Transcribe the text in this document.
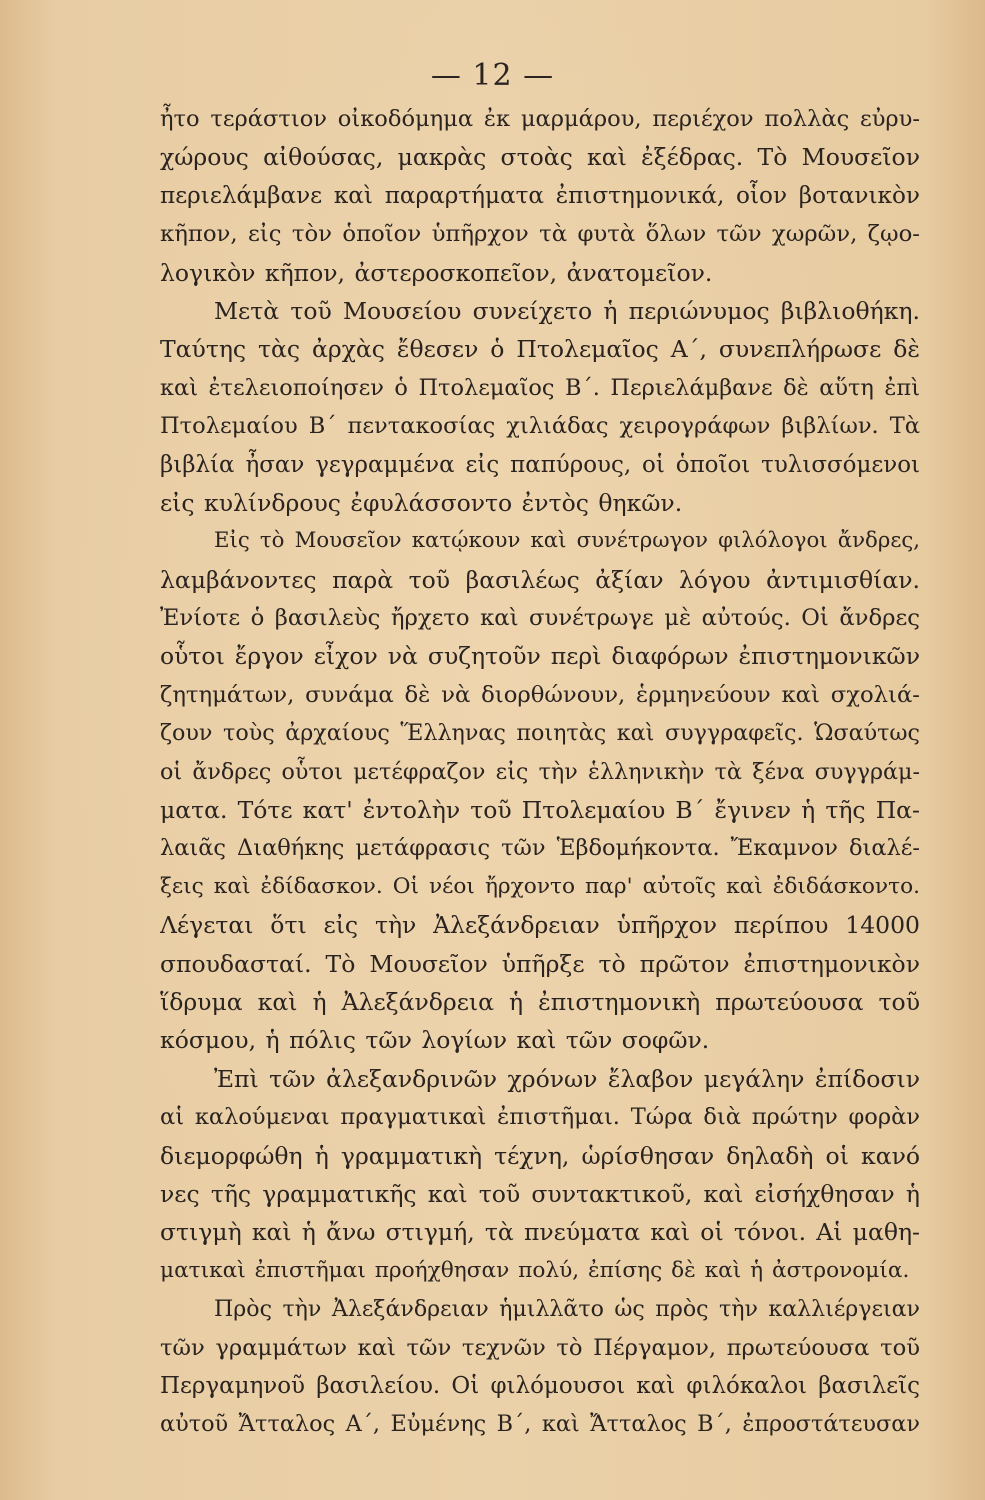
— 12 —
ἦτο τεράστιον οἰκοδόμημα ἐκ μαρμάρου, περιέχον πολλὰς εὐρυ-
χώρους αἰθούσας, μακρὰς στοὰς καὶ ἐξέδρας. Τὸ Μουσεῖον
περιελάμβανε καὶ παραρτήματα ἐπιστημονικά, οἷον βοτανικὸν
κῆπον, εἰς τὸν ὁποῖον ὑπῆρχον τὰ φυτὰ ὅλων τῶν χωρῶν, ζῳο-
λογικὸν κῆπον, ἀστεροσκοπεῖον, ἀνατομεῖον.
Μετὰ τοῦ Μουσείου συνείχετο ἡ περιώνυμος βιβλιοθήκη.
Ταύτης τὰς ἀρχὰς ἔθεσεν ὁ Πτολεμαῖος Α΄, συνεπλήρωσε δὲ
καὶ ἐτελειοποίησεν ὁ Πτολεμαῖος Β΄. Περιελάμβανε δὲ αὕτη ἐπὶ
Πτολεμαίου Β΄ πεντακοσίας χιλιάδας χειρογράφων βιβλίων. Τὰ
βιβλία ἦσαν γεγραμμένα εἰς παπύρους, οἱ ὁποῖοι τυλισσόμενοι
εἰς κυλίνδρους ἐφυλάσσοντο ἐντὸς θηκῶν.
Εἰς τὸ Μουσεῖον κατῴκουν καὶ συνέτρωγον φιλόλογοι ἄνδρες,
λαμβάνοντες παρὰ τοῦ βασιλέως ἀξίαν λόγου ἀντιμισθίαν.
Ἐνίοτε ὁ βασιλεὺς ἤρχετο καὶ συνέτρωγε μὲ αὐτούς. Οἱ ἄνδρες
οὗτοι ἔργον εἶχον νὰ συζητοῦν περὶ διαφόρων ἐπιστημονικῶν
ζητημάτων, συνάμα δὲ νὰ διορθώνουν, ἑρμηνεύουν καὶ σχολιά-
ζουν τοὺς ἀρχαίους Ἕλληνας ποιητὰς καὶ συγγραφεῖς. Ὡσαύτως
οἱ ἄνδρες οὗτοι μετέφραζον εἰς τὴν ἑλληνικὴν τὰ ξένα συγγράμ-
ματα. Τότε κατ' ἐντολὴν τοῦ Πτολεμαίου Β΄ ἔγινεν ἡ τῆς Πα-
λαιᾶς Διαθήκης μετάφρασις τῶν Ἑβδομήκοντα. Ἔκαμνον διαλέ-
ξεις καὶ ἐδίδασκον. Οἱ νέοι ἤρχοντο παρ' αὐτοῖς καὶ ἐδιδάσκοντο.
Λέγεται ὅτι εἰς τὴν Ἀλεξάνδρειαν ὑπῆρχον περίπου 14000
σπουδασταί. Τὸ Μουσεῖον ὑπῆρξε τὸ πρῶτον ἐπιστημονικὸν
ἵδρυμα καὶ ἡ Ἀλεξάνδρεια ἡ ἐπιστημονικὴ πρωτεύουσα τοῦ
κόσμου, ἡ πόλις τῶν λογίων καὶ τῶν σοφῶν.
Ἐπὶ τῶν ἀλεξανδρινῶν χρόνων ἔλαβον μεγάλην ἐπίδοσιν
αἱ καλούμεναι πραγματικαὶ ἐπιστῆμαι. Τώρα διὰ πρώτην φορὰν
διεμορφώθη ἡ γραμματικὴ τέχνη, ὡρίσθησαν δηλαδὴ οἱ κανό
νες τῆς γραμματικῆς καὶ τοῦ συντακτικοῦ, καὶ εἰσήχθησαν ἡ
στιγμὴ καὶ ἡ ἄνω στιγμή, τὰ πνεύματα καὶ οἱ τόνοι. Αἱ μαθη-
ματικαὶ ἐπιστῆμαι προήχθησαν πολύ, ἐπίσης δὲ καὶ ἡ ἀστρονομία.
Πρὸς τὴν Ἀλεξάνδρειαν ἡμιλλᾶτο ὡς πρὸς τὴν καλλιέργειαν
τῶν γραμμάτων καὶ τῶν τεχνῶν τὸ Πέργαμον, πρωτεύουσα τοῦ
Περγαμηνοῦ βασιλείου. Οἱ φιλόμουσοι καὶ φιλόκαλοι βασιλεῖς
αὐτοῦ Ἄτταλος Α΄, Εὐμένης Β΄, καὶ Ἄτταλος Β΄, ἐπροστάτευσαν
